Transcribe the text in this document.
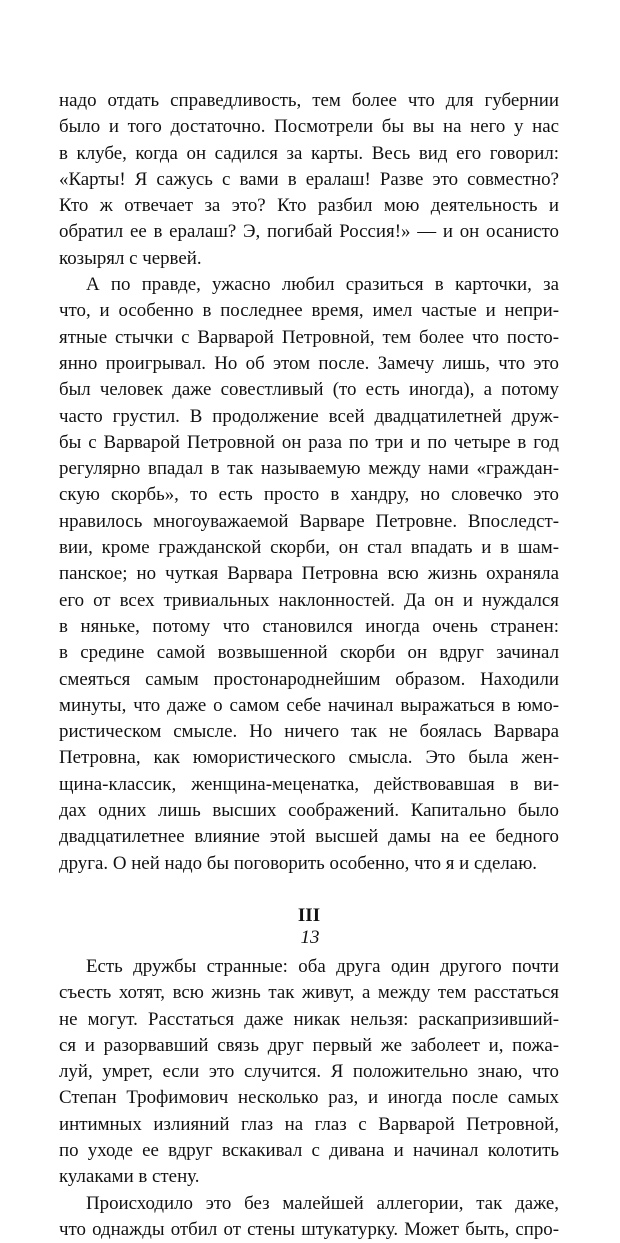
надо отдать справедливость, тем более что для губернии
было и того достаточно. Посмотрели бы вы на него у нас
в клубе, когда он садился за карты. Весь вид его говорил:
«Карты! Я сажусь с вами в ералаш! Разве это совместно?
Кто ж отвечает за это? Кто разбил мою деятельность и
обратил ее в ералаш? Э, погибай Россия!» — и он осанисто
козырял с червей.
А по правде, ужасно любил сразиться в карточки, за
что, и особенно в последнее время, имел частые и непри-
ятные стычки с Варварой Петровной, тем более что посто-
янно проигрывал. Но об этом после. Замечу лишь, что это
был человек даже совестливый (то есть иногда), а потому
часто грустил. В продолжение всей двадцатилетней друж-
бы с Варварой Петровной он раза по три и по четыре в год
регулярно впадал в так называемую между нами «граждан-
скую скорбь», то есть просто в хандру, но словечко это
нравилось многоуважаемой Варваре Петровне. Впоследст-
вии, кроме гражданской скорби, он стал впадать и в шам-
панское; но чуткая Варвара Петровна всю жизнь охраняла
его от всех тривиальных наклонностей. Да он и нуждался
в няньке, потому что становился иногда очень странен:
в средине самой возвышенной скорби он вдруг зачинал
смеяться самым простонароднейшим образом. Находили
минуты, что даже о самом себе начинал выражаться в юмо-
ристическом смысле. Но ничего так не боялась Варвара
Петровна, как юмористического смысла. Это была жен-
щина-классик, женщина-меценатка, действовавшая в ви-
дах одних лишь высших соображений. Капитально было
двадцатилетнее влияние этой высшей дамы на ее бедного
друга. О ней надо бы поговорить особенно, что я и сделаю.
III
Есть дружбы странные: оба друга один другого почти
съесть хотят, всю жизнь так живут, а между тем расстаться
не могут. Расстаться даже никак нельзя: раскапризивший-
ся и разорвавший связь друг первый же заболеет и, пожа-
луй, умрет, если это случится. Я положительно знаю, что
Степан Трофимович несколько раз, и иногда после самых
интимных излияний глаз на глаз с Варварой Петровной,
по уходе ее вдруг вскакивал с дивана и начинал колотить
кулаками в стену.
Происходило это без малейшей аллегории, так даже,
что однажды отбил от стены штукатурку. Может быть, спро-
13
